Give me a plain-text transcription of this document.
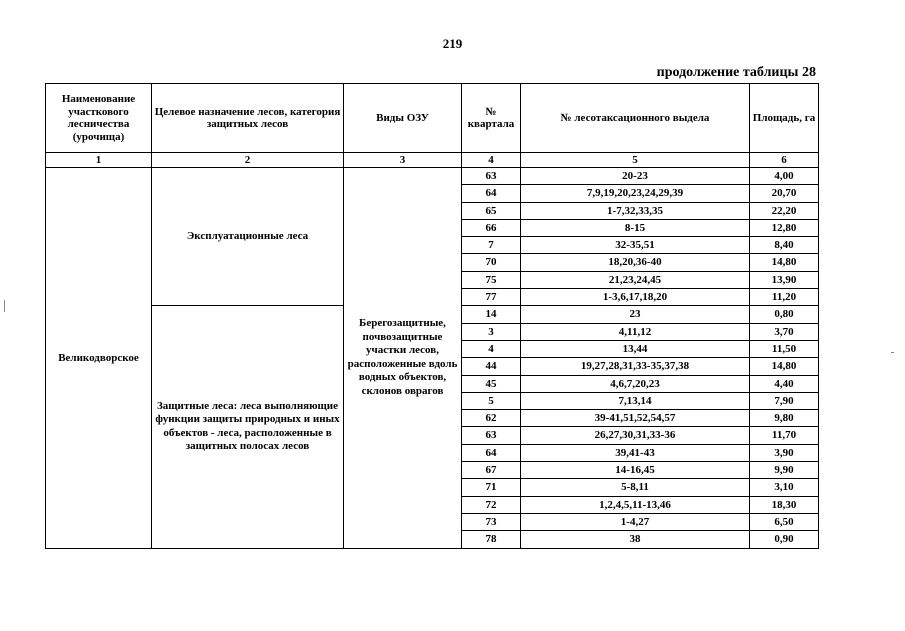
219
продолжение таблицы 28
Наименование участкового лесничества (урочища)	Целевое назначение лесов, категория защитных лесов	Виды ОЗУ	№ квартала	№ лесотаксационного выдела	Площадь, га
1	2	3	4	5	6
Великодворское	Эксплуатационные леса	Берегозащитные, почвозащитные участки лесов, расположенные вдоль водных объектов, склонов оврагов	63	20-23	4,00
			64	7,9,19,20,23,24,29,39	20,70
			65	1-7,32,33,35	22,20
			66	8-15	12,80
			7	32-35,51	8,40
			70	18,20,36-40	14,80
			75	21,23,24,45	13,90
			77	1-3,6,17,18,20	11,20
	Защитные леса: леса выполняющие функции защиты природных и иных объектов - леса, расположенные в защитных полосах лесов		14	23	0,80
			3	4,11,12	3,70
			4	13,44	11,50
			44	19,27,28,31,33-35,37,38	14,80
			45	4,6,7,20,23	4,40
			5	7,13,14	7,90
			62	39-41,51,52,54,57	9,80
			63	26,27,30,31,33-36	11,70
			64	39,41-43	3,90
			67	14-16,45	9,90
			71	5-8,11	3,10
			72	1,2,4,5,11-13,46	18,30
			73	1-4,27	6,50
			78	38	0,90
